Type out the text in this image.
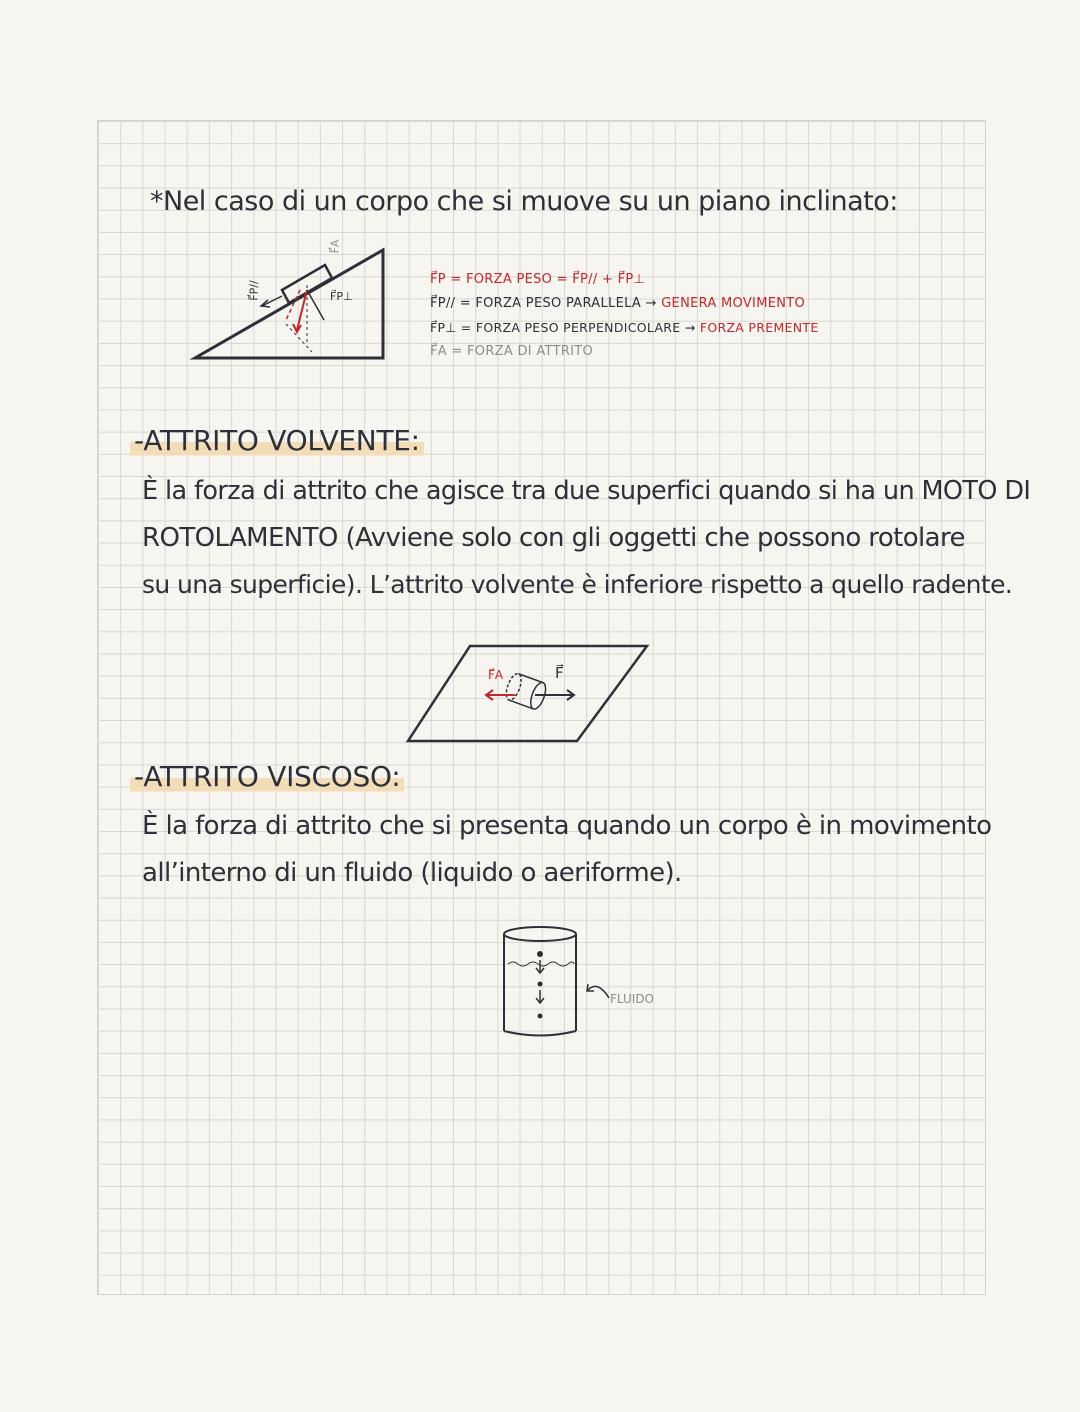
*Nel caso di un corpo che si muove su un piano inclinato:
F⃗A
F⃗P//	F⃗P⊥
F⃗P = FORZA PESO = F⃗P// + F⃗P⊥
F⃗P// = FORZA PESO PARALLELA → GENERA MOVIMENTO
F⃗P⊥ = FORZA PESO PERPENDICOLARE → FORZA PREMENTE
F⃗A = FORZA DI ATTRITO
-ATTRITO VOLVENTE:
È la forza di attrito che agisce tra due superfici quando si ha un MOTO DI
ROTOLAMENTO (Avviene solo con gli oggetti che possono rotolare
su una superficie). L’attrito volvente è inferiore rispetto a quello radente.
F⃗A	F⃗
-ATTRITO VISCOSO:
È la forza di attrito che si presenta quando un corpo è in movimento
all’interno di un fluido (liquido o aeriforme).
FLUIDO
